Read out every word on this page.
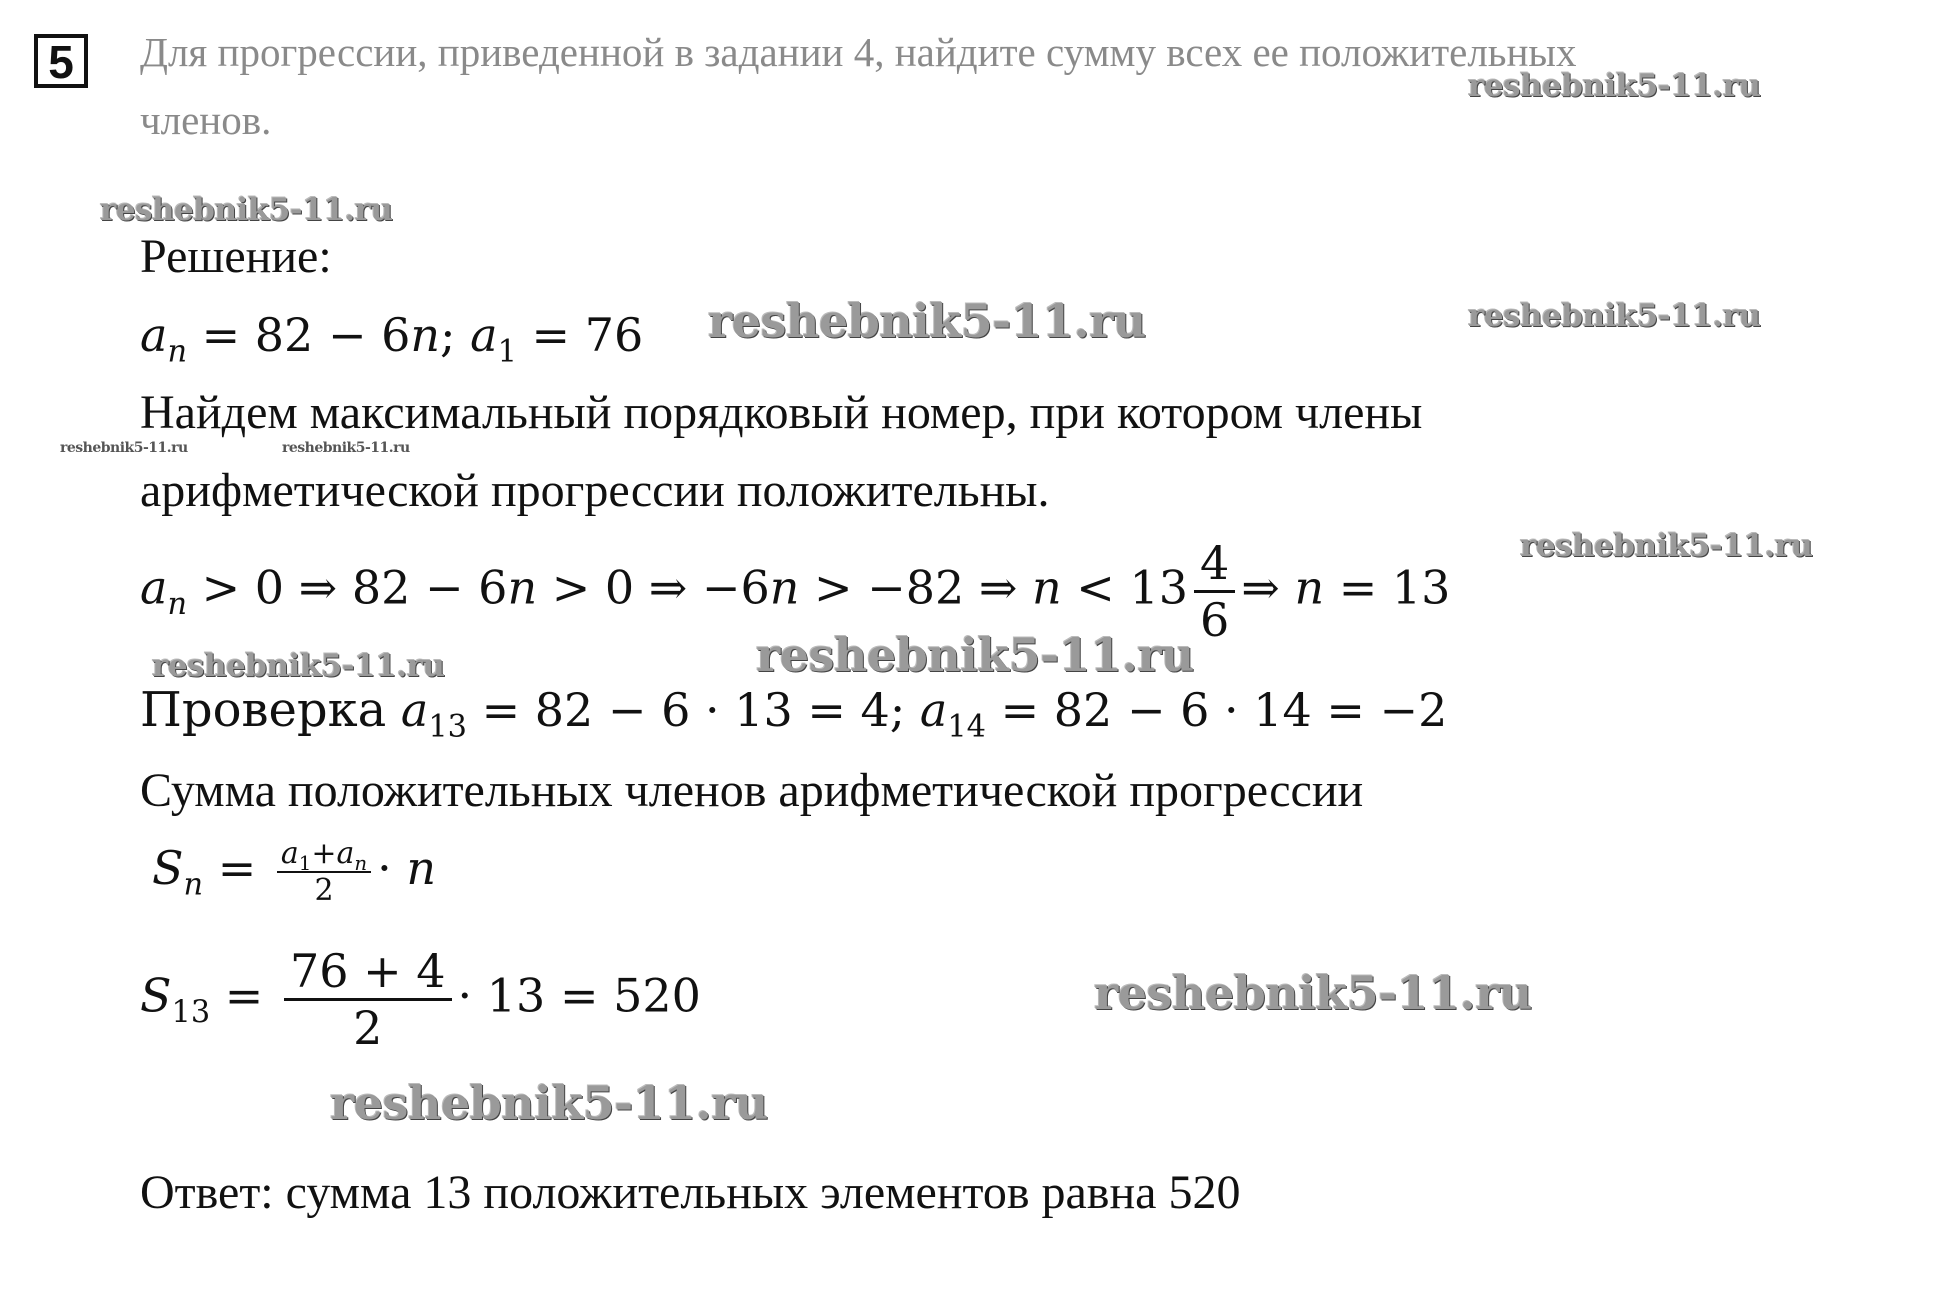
5	Для прогрессии, приведенной в задании 4, найдите сумму всех ее положительных
членов.
Решение:
$a_n = 82 - 6n$; $a_1 = 76$
Найдем максимальный порядковый номер, при котором члены
арифметической прогрессии положительны.
$a_n > 0$ ⇒ 82 − 6n > 0 ⇒ −6n > −82 ⇒ $n < 13 \frac{4}{6}$ ⇒ n = 13
Проверка $a_{13} = 82 - 6 \cdot 13 = 4$; $a_{14} = 82 - 6 \cdot 14 = -2$
Сумма положительных членов арифметической прогрессии
$S_n = \frac{a_1+a_n}{2} \cdot n$
$S_{13} = \frac{76 + 4}{2} \cdot 13 = 520$
Ответ: сумма 13 положительных элементов равна 520
reshebnik5-11.ru
reshebnik5-11.ru
reshebnik5-11.ru	reshebnik5-11.ru
reshebnik5-11.ru	reshebnik5-11.ru
reshebnik5-11.ru
reshebnik5-11.ru	reshebnik5-11.ru
reshebnik5-11.ru
reshebnik5-11.ru
